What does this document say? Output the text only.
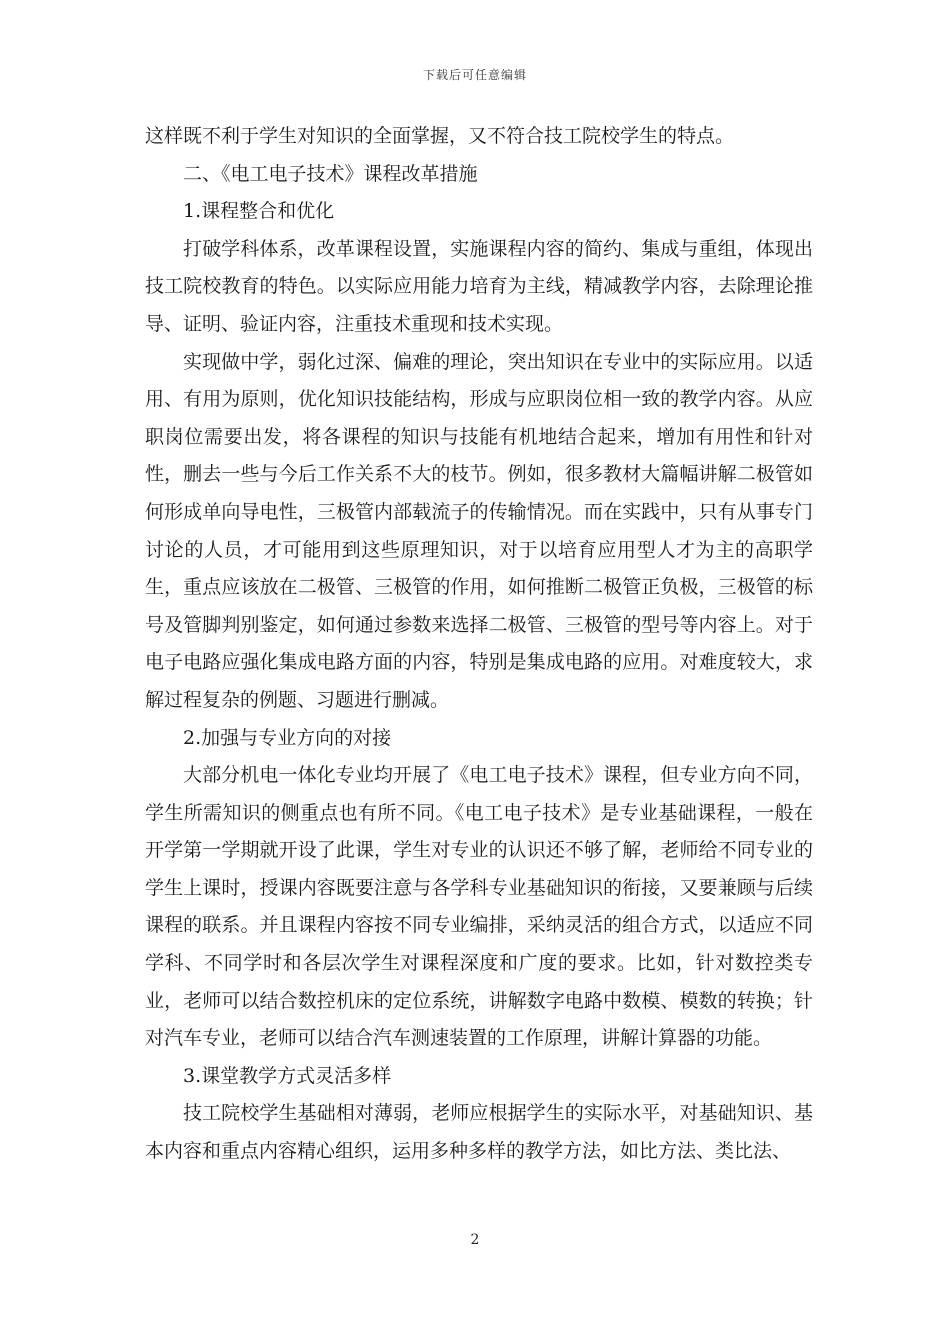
下载后可任意编辑

这样既不利于学生对知识的全面掌握，又不符合技工院校学生的特点。

二、《电工电子技术》课程改革措施

1.课程整合和优化

打破学科体系，改革课程设置，实施课程内容的简约、集成与重组，体现出技工院校教育的特色。以实际应用能力培育为主线，精减教学内容，去除理论推导、证明、验证内容，注重技术重现和技术实现。

实现做中学，弱化过深、偏难的理论，突出知识在专业中的实际应用。以适用、有用为原则，优化知识技能结构，形成与应职岗位相一致的教学内容。从应职岗位需要出发，将各课程的知识与技能有机地结合起来，增加有用性和针对性，删去一些与今后工作关系不大的枝节。例如，很多教材大篇幅讲解二极管如何形成单向导电性，三极管内部载流子的传输情况。而在实践中，只有从事专门讨论的人员，才可能用到这些原理知识，对于以培育应用型人才为主的高职学生，重点应该放在二极管、三极管的作用，如何推断二极管正负极，三极管的标号及管脚判别鉴定，如何通过参数来选择二极管、三极管的型号等内容上。对于电子电路应强化集成电路方面的内容，特别是集成电路的应用。对难度较大，求解过程复杂的例题、习题进行删减。

2.加强与专业方向的对接

大部分机电一体化专业均开展了《电工电子技术》课程，但专业方向不同，学生所需知识的侧重点也有所不同。《电工电子技术》是专业基础课程，一般在开学第一学期就开设了此课，学生对专业的认识还不够了解，老师给不同专业的学生上课时，授课内容既要注意与各学科专业基础知识的衔接，又要兼顾与后续课程的联系。并且课程内容按不同专业编排，采纳灵活的组合方式，以适应不同学科、不同学时和各层次学生对课程深度和广度的要求。比如，针对数控类专业，老师可以结合数控机床的定位系统，讲解数字电路中数模、模数的转换；针对汽车专业，老师可以结合汽车测速装置的工作原理，讲解计算器的功能。

3.课堂教学方式灵活多样

技工院校学生基础相对薄弱，老师应根据学生的实际水平，对基础知识、基本内容和重点内容精心组织，运用多种多样的教学方法，如比方法、类比法、

2
